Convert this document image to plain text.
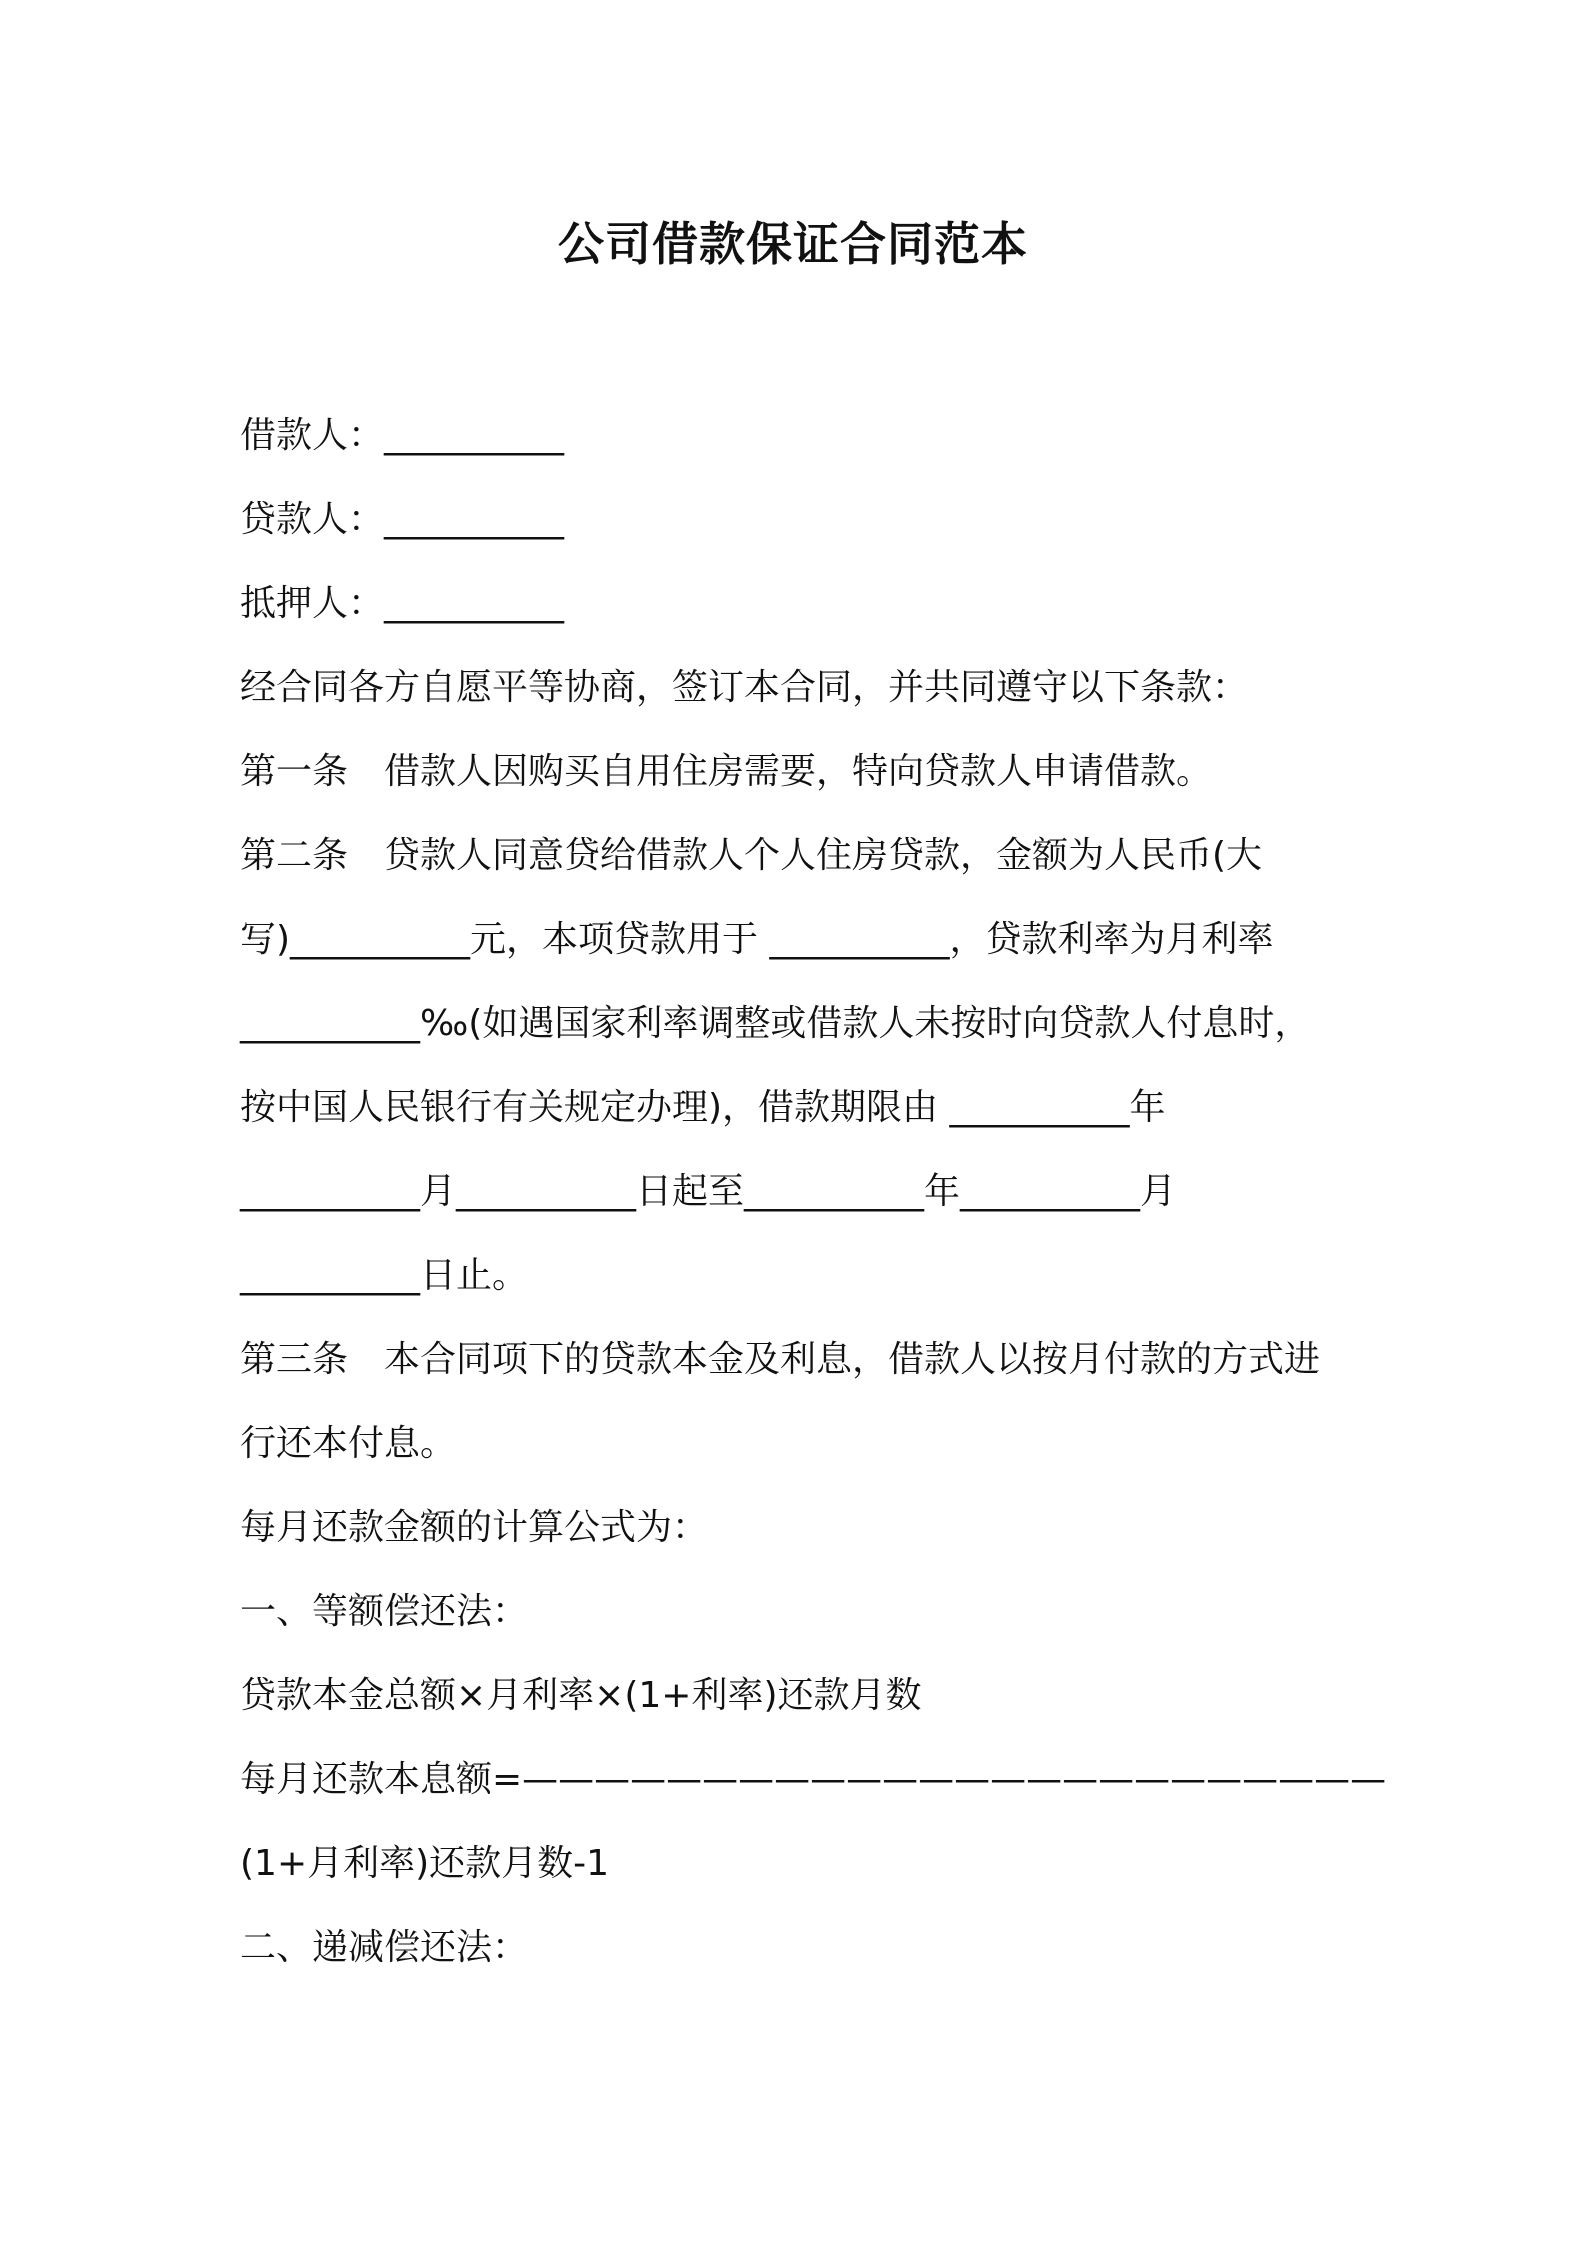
公司借款保证合同范本
借款人：__________
贷款人：__________
抵押人：__________
经合同各方自愿平等协商，签订本合同，并共同遵守以下条款：
第一条　借款人因购买自用住房需要，特向贷款人申请借款。
第二条　贷款人同意贷给借款人个人住房贷款，金额为人民币(大
写)__________元，本项贷款用于 __________，贷款利率为月利率
__________‰(如遇国家利率调整或借款人未按时向贷款人付息时，
按中国人民银行有关规定办理)，借款期限由 __________年
__________月__________日起至__________年__________月
__________日止。
第三条　本合同项下的贷款本金及利息，借款人以按月付款的方式进
行还本付息。
每月还款金额的计算公式为：
一、等额偿还法：
贷款本金总额×月利率×(1+利率)还款月数
每月还款本息额=————————————————————————
(1+月利率)还款月数-1
二、递减偿还法：
